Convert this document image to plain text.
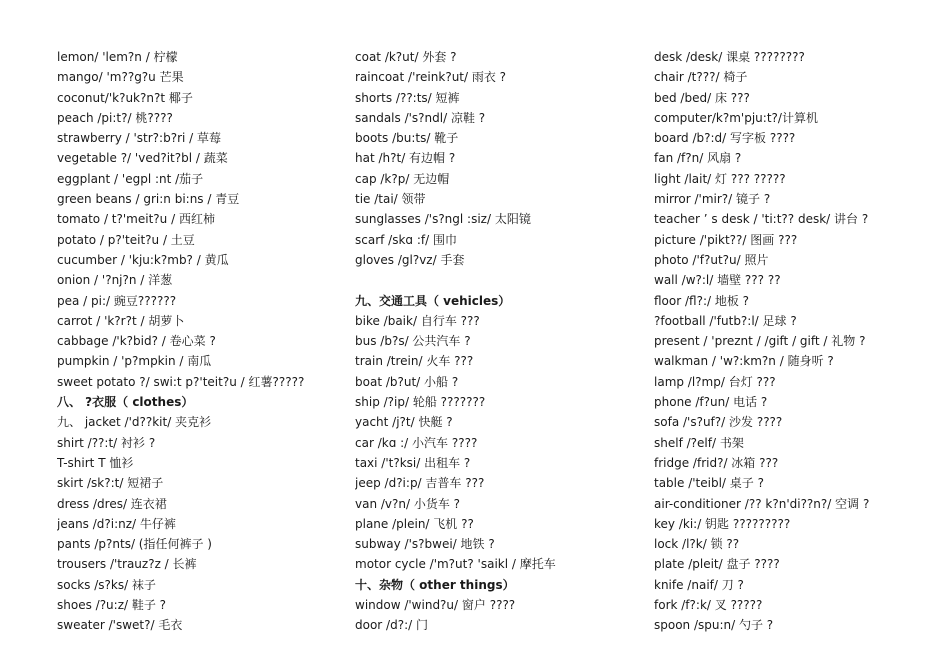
lemon/ 'lem?n / 柠檬
mango/ 'm??g?u 芒果
coconut/'k?uk?n?t 椰子
peach /pi:t?/ 桃????
strawberry / 'str?:b?ri / 草莓
vegetable ?/ 'ved?it?bl / 蔬菜
eggplant / 'egpl :nt /茄子
green beans / gri:n bi:ns / 青豆
tomato / t?'meit?u / 西红柿
potato / p?'teit?u / 土豆
cucumber / 'kju:k?mb? / 黄瓜
onion / '?nj?n / 洋葱
pea / pi:/ 豌豆??????
carrot / 'k?r?t / 胡萝卜
cabbage /'k?bid? / 卷心菜 ?
pumpkin / 'p?mpkin / 南瓜
sweet potato ?/ swi:t p?'teit?u / 红薯?????
八、 ?衣服（ clothes）
九、 jacket /'d??kit/ 夹克衫
shirt /??:t/ 衬衫 ?
T-shirt T 恤衫
skirt /sk?:t/ 短裙子
dress /dres/ 连衣裙
jeans /d?i:nz/ 牛仔裤
pants /p?nts/ (指任何裤子 )
trousers /'trauz?z / 长裤
socks /s?ks/ 袜子
shoes /?u:z/ 鞋子 ?
sweater /'swet?/ 毛衣
coat /k?ut/ 外套 ?
raincoat /'reink?ut/ 雨衣 ?
shorts /??:ts/ 短裤
sandals /'s?ndl/ 凉鞋 ?
boots /bu:ts/ 靴子
hat /h?t/ 有边帽 ?
cap /k?p/ 无边帽
tie /tai/ 领带
sunglasses /'s?ngl :siz/ 太阳镜
scarf /skɑ :f/ 围巾
gloves /gl?vz/ 手套
九、交通工具（ vehicles）
bike /baik/ 自行车 ???
bus /b?s/ 公共汽车 ?
train /trein/ 火车 ???
boat /b?ut/ 小船 ?
ship /?ip/ 轮船 ???????
yacht /j?t/ 快艇 ?
car /kɑ :/ 小汽车 ????
taxi /'t?ksi/ 出租车 ?
jeep /d?i:p/ 吉普车 ???
van /v?n/ 小货车 ?
plane /plein/ 飞机 ??
subway /'s?bwei/ 地铁 ?
motor cycle /'m?ut? 'saikl / 摩托车
十、杂物（ other things）
window /'wind?u/ 窗户 ????
door /d?:/ 门
desk /desk/ 课桌 ????????
chair /t???/ 椅子
bed /bed/ 床 ???
computer/k?m'pju:t?/计算机
board /b?:d/ 写字板 ????
fan /f?n/ 风扇 ?
light /lait/ 灯 ??? ?????
mirror /'mir?/ 镜子 ?
teacher ’ s desk / 'ti:t?? desk/ 讲台 ?
picture /'pikt??/ 图画 ???
photo /'f?ut?u/ 照片
wall /w?:l/ 墙壁 ??? ??
floor /fl?:/ 地板 ?
?football /'futb?:l/ 足球 ?
present / 'preznt / /gift / gift / 礼物 ?
walkman / 'w?:km?n / 随身听 ?
lamp /l?mp/ 台灯 ???
phone /f?un/ 电话 ?
sofa /'s?uf?/ 沙发 ????
shelf /?elf/ 书架
fridge /frid?/ 冰箱 ???
table /'teibl/ 桌子 ?
air-conditioner /?? k?n'di??n?/ 空调 ?
key /ki:/ 钥匙 ?????????
lock /l?k/ 锁 ??
plate /pleit/ 盘子 ????
knife /naif/ 刀 ?
fork /f?:k/ 叉 ?????
spoon /spu:n/ 勺子 ?
